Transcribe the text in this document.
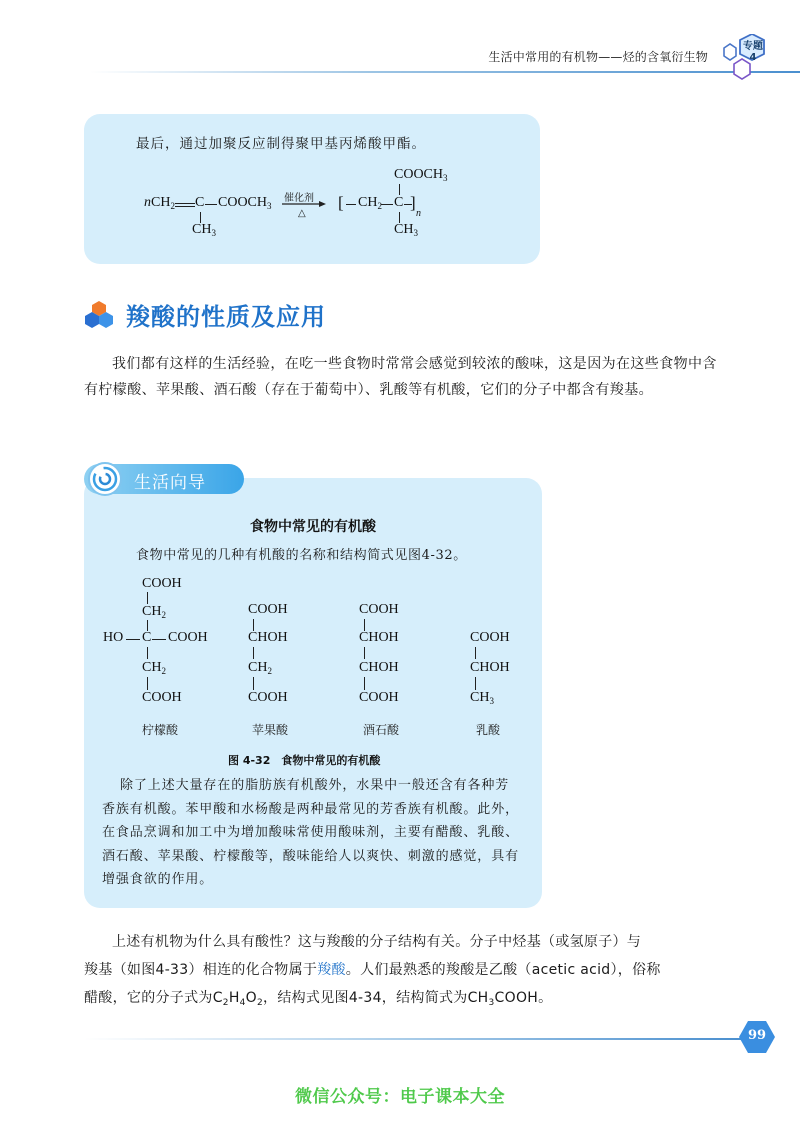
生活中常用的有机物——烃的含氧衍生物
专题
4
最后，通过加聚反应制得聚甲基丙烯酸甲酯。
nCH$_2$ C $COOCH_3$
$CH_3$
催化剂
△
[ $CH_2$ C ]
n
$COOCH_3$
$CH_3$
羧酸的性质及应用
我们都有这样的生活经验，在吃一些食物时常常会感觉到较浓的酸味，这是因为在这些食物中含有柠檬酸、苹果酸、酒石酸（存在于葡萄中）、乳酸等有机酸，它们的分子中都含有羧基。
生活向导
食物中常见的有机酸
食物中常见的几种有机酸的名称和结构简式见图4-32。
COOH
$CH_2$
HO C COOH
$CH_2$
COOH
柠檬酸
COOH
CHOH
$CH_2$
COOH
苹果酸
COOH
CHOH
CHOH
COOH
酒石酸
COOH
CHOH
$CH_3$
乳酸
图 4-32　食物中常见的有机酸
除了上述大量存在的脂肪族有机酸外，水果中一般还含有各种芳香族有机酸。苯甲酸和水杨酸是两种最常见的芳香族有机酸。此外，在食品烹调和加工中为增加酸味常使用酸味剂，主要有醋酸、乳酸、酒石酸、苹果酸、柠檬酸等，酸味能给人以爽快、刺激的感觉，具有增强食欲的作用。
上述有机物为什么具有酸性？这与羧酸的分子结构有关。分子中烃基（或氢原子）与
羧基（如图4-33）相连的化合物属于羧酸。人们最熟悉的羧酸是乙酸（acetic acid），俗称
醋酸，它的分子式为$C_2H_4O_2$，结构式见图4-34，结构简式为$CH_3COOH$。
99
微信公众号：电子课本大全
